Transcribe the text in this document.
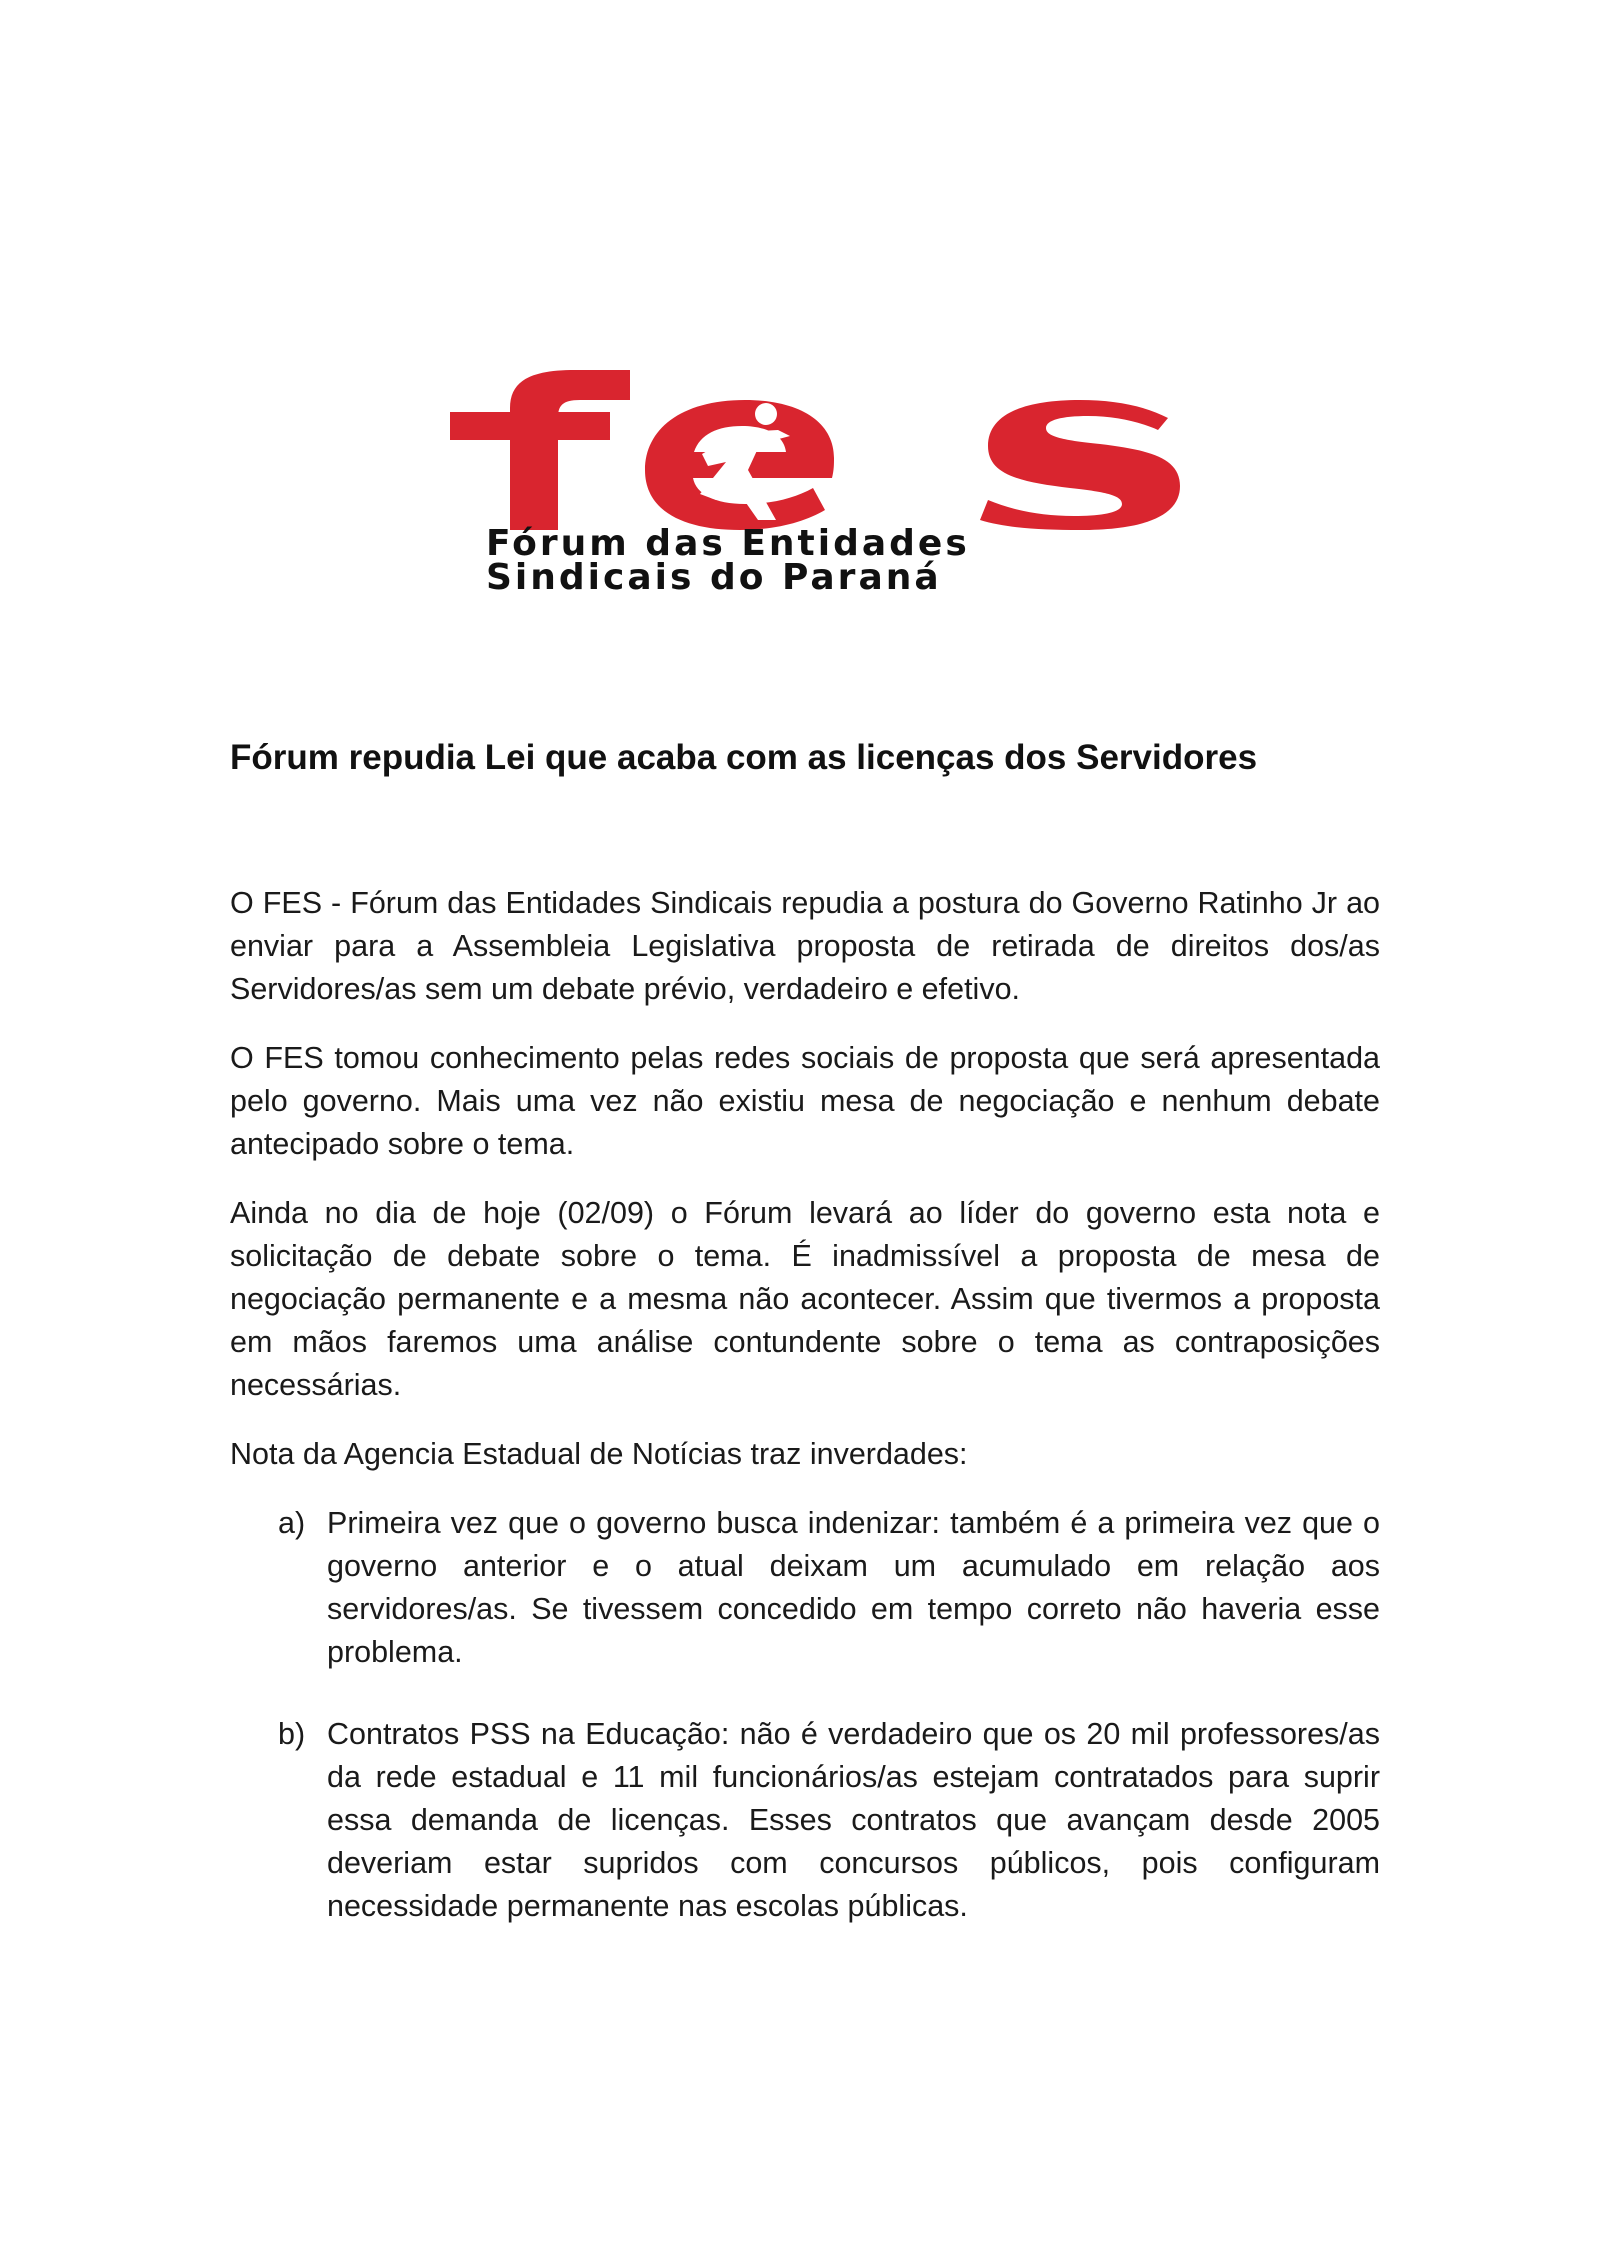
Fórum das Entidades
Sindicais do Paraná
Fórum repudia Lei que acaba com as licenças dos Servidores

O FES - Fórum das Entidades Sindicais repudia a postura do Governo Ratinho Jr ao enviar para a Assembleia Legislativa proposta de retirada de direitos dos/as Servidores/as sem um debate prévio, verdadeiro e efetivo.

O FES tomou conhecimento pelas redes sociais de proposta que será apresentada pelo governo. Mais uma vez não existiu mesa de negociação e nenhum debate antecipado sobre o tema.

Ainda no dia de hoje (02/09) o Fórum levará ao líder do governo esta nota e solicitação de debate sobre o tema. É inadmissível a proposta de mesa de negociação permanente e a mesma não acontecer. Assim que tivermos a proposta em mãos faremos uma análise contundente sobre o tema as contraposições necessárias.

Nota da Agencia Estadual de Notícias traz inverdades:

a) Primeira vez que o governo busca indenizar: também é a primeira vez que o governo anterior e o atual deixam um acumulado em relação aos servidores/as. Se tivessem concedido em tempo correto não haveria esse problema.
b) Contratos PSS na Educação: não é verdadeiro que os 20 mil professores/as da rede estadual e 11 mil funcionários/as estejam contratados para suprir essa demanda de licenças. Esses contratos que avançam desde 2005 deveriam estar supridos com concursos públicos, pois configuram necessidade permanente nas escolas públicas.
